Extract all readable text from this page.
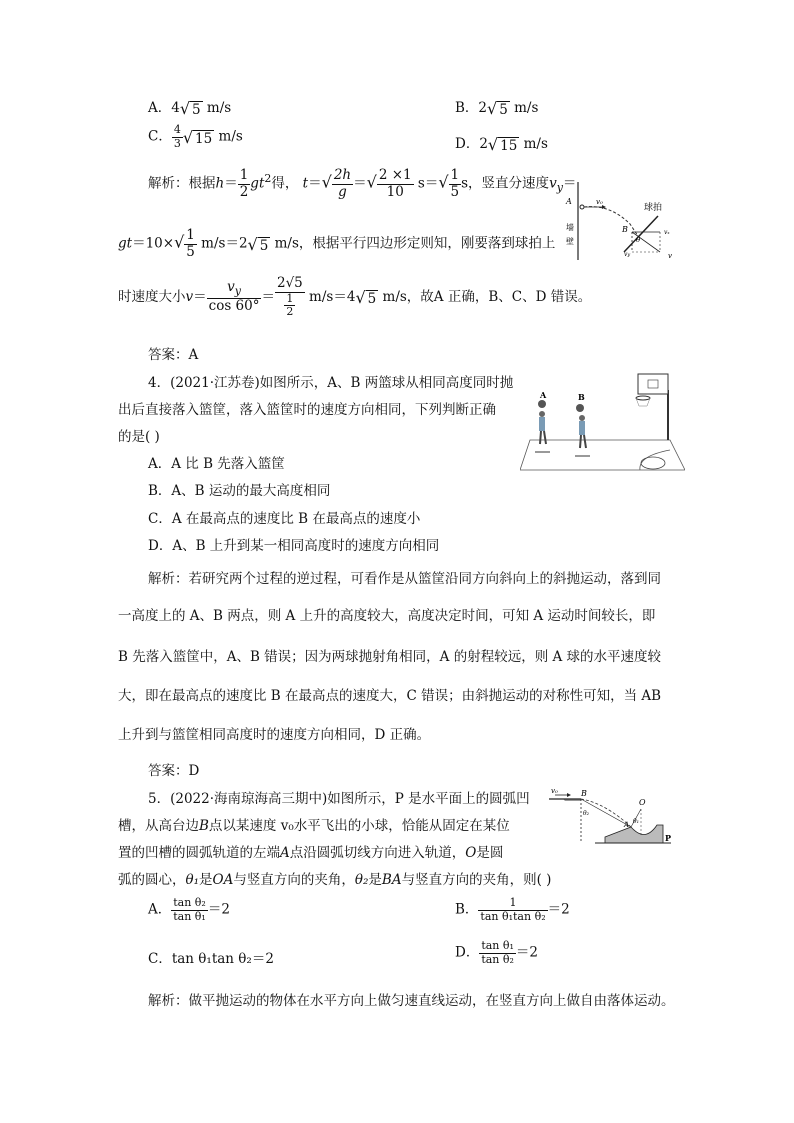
A．4√ 5 m/s	B．2√ 5 m/s
C． $\frac{4}{3}$ √ 15 m/s	D．2√ 15 m/s
解析：根据$h= \frac{1}{2} gt^2$得， $t=√ \frac{2h}{g}$ ＝√ $\frac{2 \times 1}{10} s=√ \frac{1}{5}$ s，竖直分速度$v_y=$
$gt=10\times√ \frac{1}{5} m/s=2√$ 5 m/s，根据平行四边形定则知，刚要落到球拍上
时速度大小$v= \frac{v_y}{\cos 60^\circ} = \frac{2√5}{\frac{1}{2}} m/s=4√$ 5 m/s，故A 正确，B、C、D 错误。
答案：A
A
墙
壁
v₀
球拍
B
θ
vₓ
vy	v
4．(2021·江苏卷)如图所示，A、B 两篮球从相同高度同时抛
出后直接落入篮筐，落入篮筐时的速度方向相同，下列判断正确
的是( )
A．A 比 B 先落入篮筐
B．A、B 运动的最大高度相同
C．A 在最高点的速度比 B 在最高点的速度小
D．A、B 上升到某一相同高度时的速度方向相同
A	B
解析：若研究两个过程的逆过程，可看作是从篮筐沿同方向斜向上的斜抛运动，落到同
一高度上的 A、B 两点，则 A 上升的高度较大，高度决定时间，可知 A 运动时间较长，即
B 先落入篮筐中，A、B 错误；因为两球抛射角相同，A 的射程较远，则 A 球的水平速度较
大，即在最高点的速度比 B 在最高点的速度大，C 错误；由斜抛运动的对称性可知，当 AB
上升到与篮筐相同高度时的速度方向相同，D 正确。
答案：D
5．(2022·海南琼海高三期中)如图所示，P 是水平面上的圆弧凹
槽，从高台边B点以某速度 v₀水平飞出的小球，恰能从固定在某位
置的凹槽的圆弧轨道的左端A点沿圆弧切线方向进入轨道，O是圆
弧的圆心，θ₁是OA与竖直方向的夹角，θ₂是BA与竖直方向的夹角，则( )
v₀	B
O
θ₂
A θ₁
P
A． $\frac{\text{tan θ₂}}{\text{tan θ₁}} =2$	B． $\frac{1}{\text{tan θ₁tan θ₂}} =2$
C．tan θ₁tan θ₂＝2	D． $\frac{\text{tan θ₁}}{\text{tan θ₂}} =2$
解析：做平抛运动的物体在水平方向上做匀速直线运动，在竖直方向上做自由落体运动。
